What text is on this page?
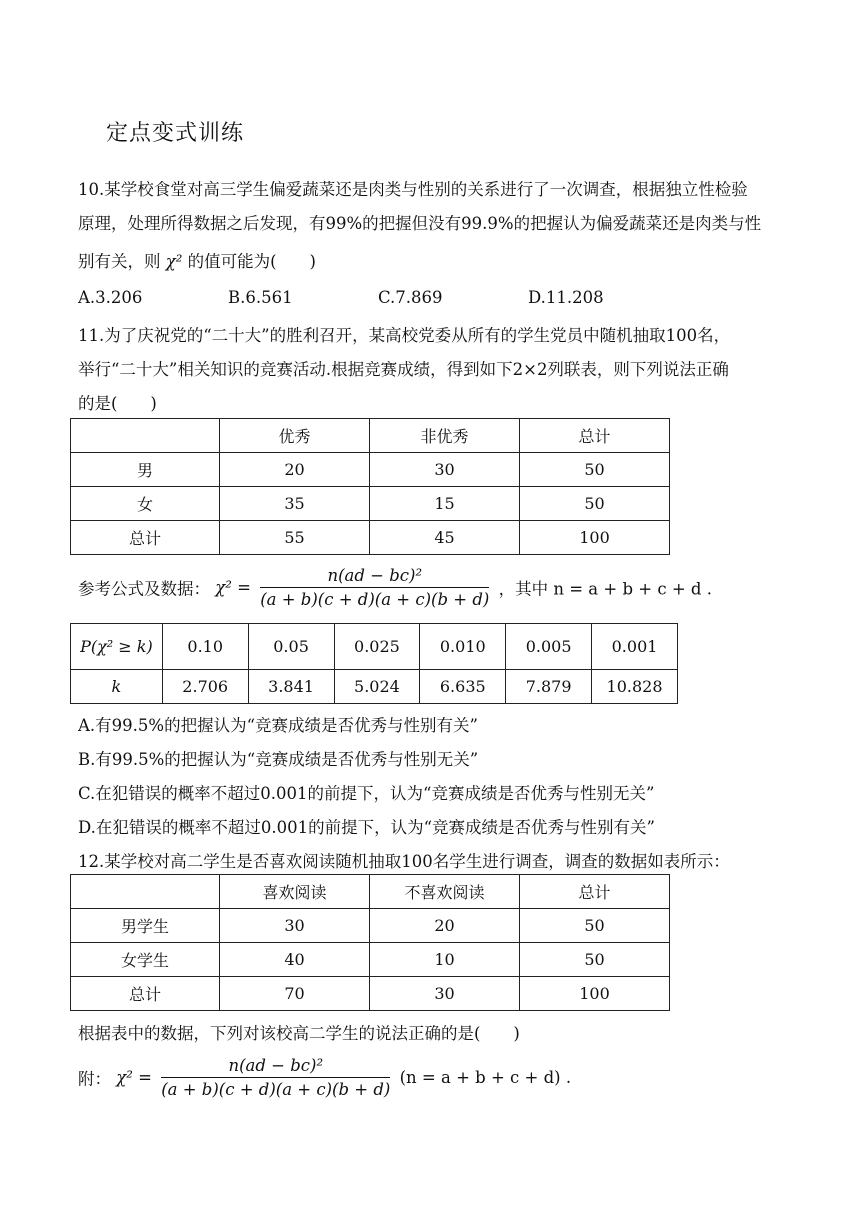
定点变式训练
10.某学校食堂对高三学生偏爱蔬菜还是肉类与性别的关系进行了一次调查，根据独立性检验
原理，处理所得数据之后发现，有99%的把握但没有99.9%的把握认为偏爱蔬菜还是肉类与性
别有关，则 χ² 的值可能为(　　)
A.3.206	B.6.561	C.7.869	D.11.208
11.为了庆祝党的“二十大”的胜利召开，某高校党委从所有的学生党员中随机抽取100名，
举行“二十大”相关知识的竞赛活动.根据竞赛成绩，得到如下2×2列联表，则下列说法正确
的是(　　)
	优秀	非优秀	总计
男	20	30	50
女	35	15	50
总计	55	45	100
参考公式及数据： $\chi^2 = \frac{\text{n(ad − bc)²}}{(a + b)(c + d)(a + c)(b + d)}$ ，其中 n = a + b + c + d .
P(χ² ≥ k)	0.10	0.05	0.025	0.010	0.005	0.001
k	2.706	3.841	5.024	6.635	7.879	10.828
A.有99.5%的把握认为“竞赛成绩是否优秀与性别有关”
B.有99.5%的把握认为“竞赛成绩是否优秀与性别无关”
C.在犯错误的概率不超过0.001的前提下，认为“竞赛成绩是否优秀与性别无关”
D.在犯错误的概率不超过0.001的前提下，认为“竞赛成绩是否优秀与性别有关”
12.某学校对高二学生是否喜欢阅读随机抽取100名学生进行调查，调查的数据如表所示：
	喜欢阅读	不喜欢阅读	总计
男学生	30	20	50
女学生	40	10	50
总计	70	30	100
根据表中的数据，下列对该校高二学生的说法正确的是(　　)
附： $\chi^2 = \frac{\text{n(ad − bc)²}}{(a + b)(c + d)(a + c)(b + d)} (n = a + b + c + d)$ .
